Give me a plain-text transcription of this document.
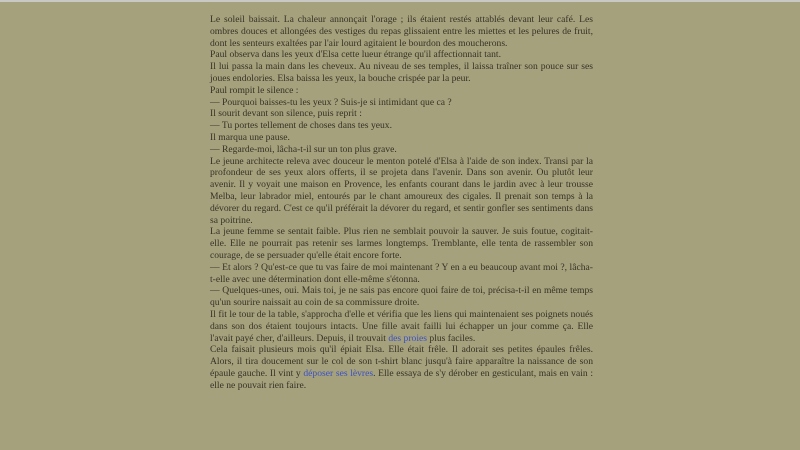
Le soleil baissait. La chaleur annonçait l'orage ; ils étaient restés attablés devant leur café. Les ombres douces et allongées des vestiges du repas glissaient entre les miettes et les pelures de fruit, dont les senteurs exaltées par l'air lourd agitaient le bourdon des moucherons.

Paul observa dans les yeux d'Elsa cette lueur étrange qu'il affectionnait tant.

Il lui passa la main dans les cheveux. Au niveau de ses temples, il laissa traîner son pouce sur ses joues endolories. Elsa baissa les yeux, la bouche crispée par la peur.

Paul rompit le silence :

— Pourquoi baisses-tu les yeux ? Suis-je si intimidant que ca ?

Il sourit devant son silence, puis reprit :

— Tu portes tellement de choses dans tes yeux.

Il marqua une pause.

— Regarde-moi, lâcha-t-il sur un ton plus grave.

Le jeune architecte releva avec douceur le menton potelé d'Elsa à l'aide de son index. Transi par la profondeur de ses yeux alors offerts, il se projeta dans l'avenir. Dans son avenir. Ou plutôt leur avenir. Il y voyait une maison en Provence, les enfants courant dans le jardin avec à leur trousse Melba, leur labrador miel, entourés par le chant amoureux des cigales. Il prenait son temps à la dévorer du regard. C'est ce qu'il préférait la dévorer du regard, et sentir gonfler ses sentiments dans sa poitrine.

La jeune femme se sentait faible. Plus rien ne semblait pouvoir la sauver. Je suis foutue, cogitait-elle. Elle ne pourrait pas retenir ses larmes longtemps. Tremblante, elle tenta de rassembler son courage, de se persuader qu'elle était encore forte.

— Et alors ? Qu'est-ce que tu vas faire de moi maintenant ? Y en a eu beaucoup avant moi ?, lâcha-t-elle avec une détermination dont elle-même s'étonna.

— Quelques-unes, oui. Mais toi, je ne sais pas encore quoi faire de toi, précisa-t-il en même temps qu'un sourire naissait au coin de sa commissure droite.

Il fit le tour de la table, s'approcha d'elle et vérifia que les liens qui maintenaient ses poignets noués dans son dos étaient toujours intacts. Une fille avait failli lui échapper un jour comme ça. Elle l'avait payé cher, d'ailleurs. Depuis, il trouvait des proies plus faciles.

Cela faisait plusieurs mois qu'il épiait Elsa. Elle était frêle. Il adorait ses petites épaules frêles. Alors, il tira doucement sur le col de son t-shirt blanc jusqu'à faire apparaître la naissance de son épaule gauche. Il vint y déposer ses lèvres. Elle essaya de s'y dérober en gesticulant, mais en vain : elle ne pouvait rien faire.
